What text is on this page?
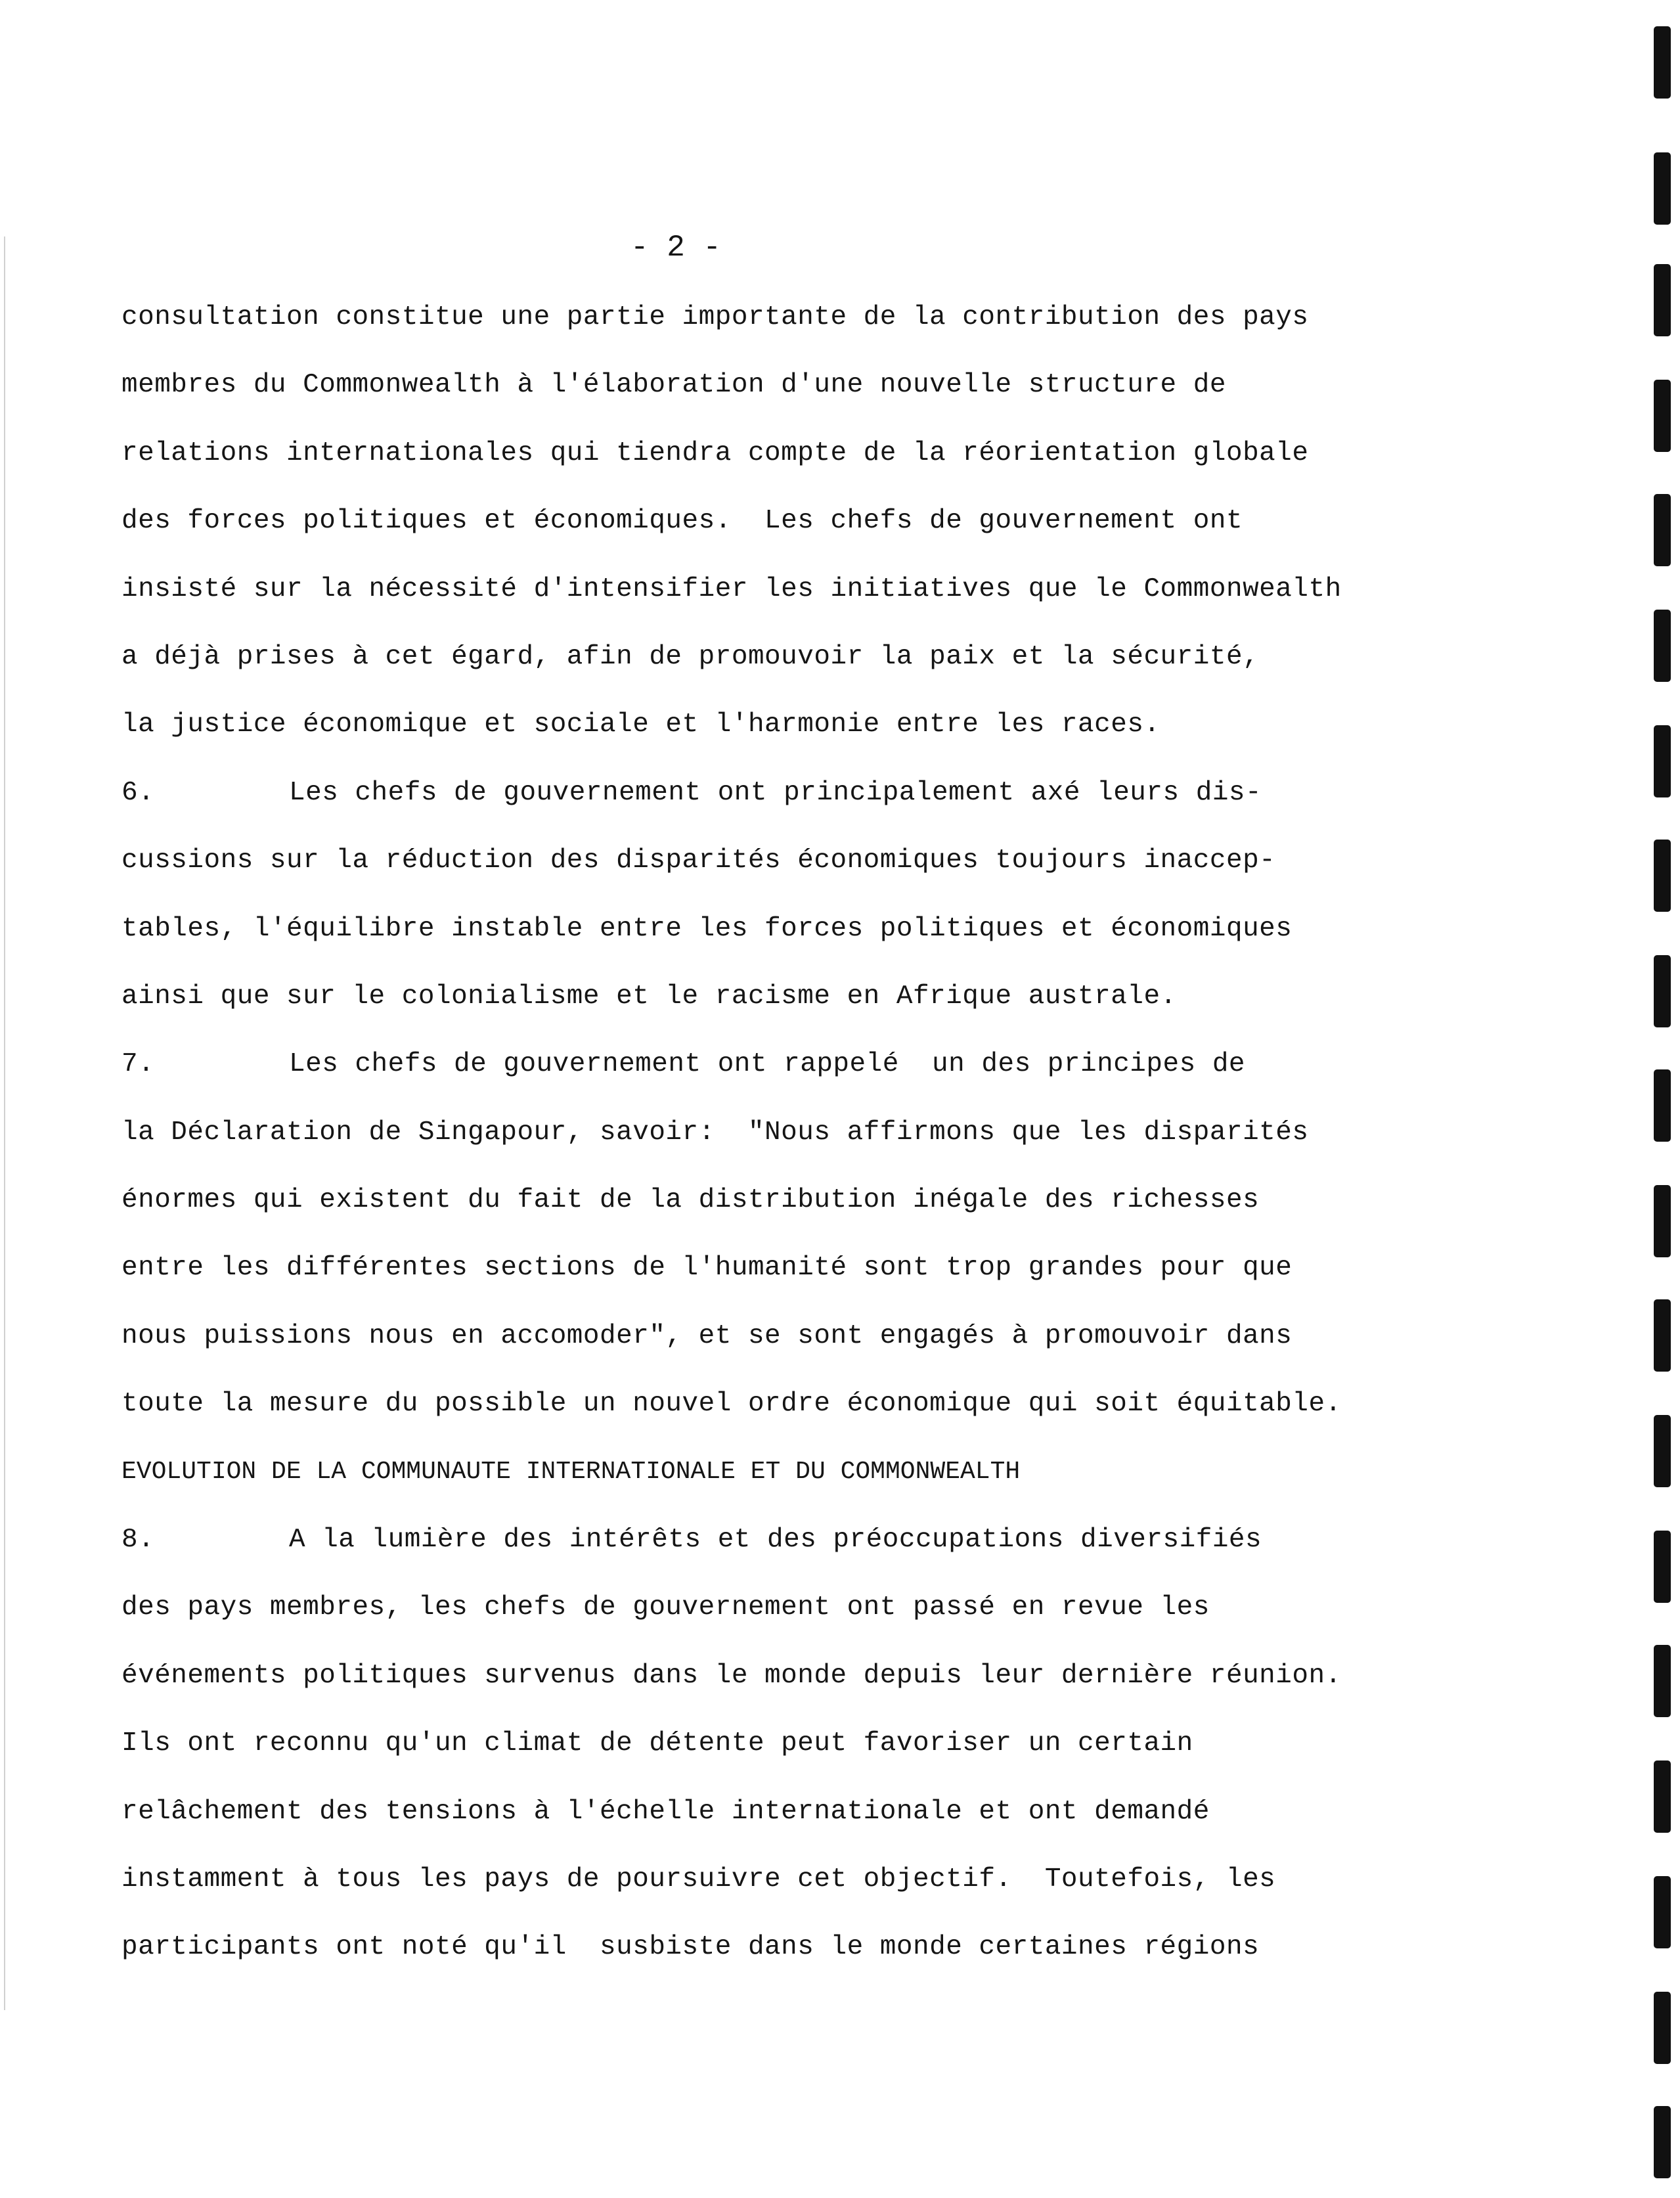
- 2 -
consultation constitue une partie importante de la contribution des pays
membres du Commonwealth à l'élaboration d'une nouvelle structure de
relations internationales qui tiendra compte de la réorientation globale
des forces politiques et économiques.  Les chefs de gouvernement ont
insisté sur la nécessité d'intensifier les initiatives que le Commonwealth
a déjà prises à cet égard, afin de promouvoir la paix et la sécurité,
la justice économique et sociale et l'harmonie entre les races.
6.	Les chefs de gouvernement ont principalement axé leurs dis-
cussions sur la réduction des disparités économiques toujours inaccep-
tables, l'équilibre instable entre les forces politiques et économiques
ainsi que sur le colonialisme et le racisme en Afrique australe.
7.	Les chefs de gouvernement ont rappelé  un des principes de
la Déclaration de Singapour, savoir:  "Nous affirmons que les disparités
énormes qui existent du fait de la distribution inégale des richesses
entre les différentes sections de l'humanité sont trop grandes pour que
nous puissions nous en accomoder", et se sont engagés à promouvoir dans
toute la mesure du possible un nouvel ordre économique qui soit équitable.
EVOLUTION DE LA COMMUNAUTE INTERNATIONALE ET DU COMMONWEALTH
8.	A la lumière des intérêts et des préoccupations diversifiés
des pays membres, les chefs de gouvernement ont passé en revue les
événements politiques survenus dans le monde depuis leur dernière réunion.
Ils ont reconnu qu'un climat de détente peut favoriser un certain
relâchement des tensions à l'échelle internationale et ont demandé
instamment à tous les pays de poursuivre cet objectif.  Toutefois, les
participants ont noté qu'il  susbiste dans le monde certaines régions
